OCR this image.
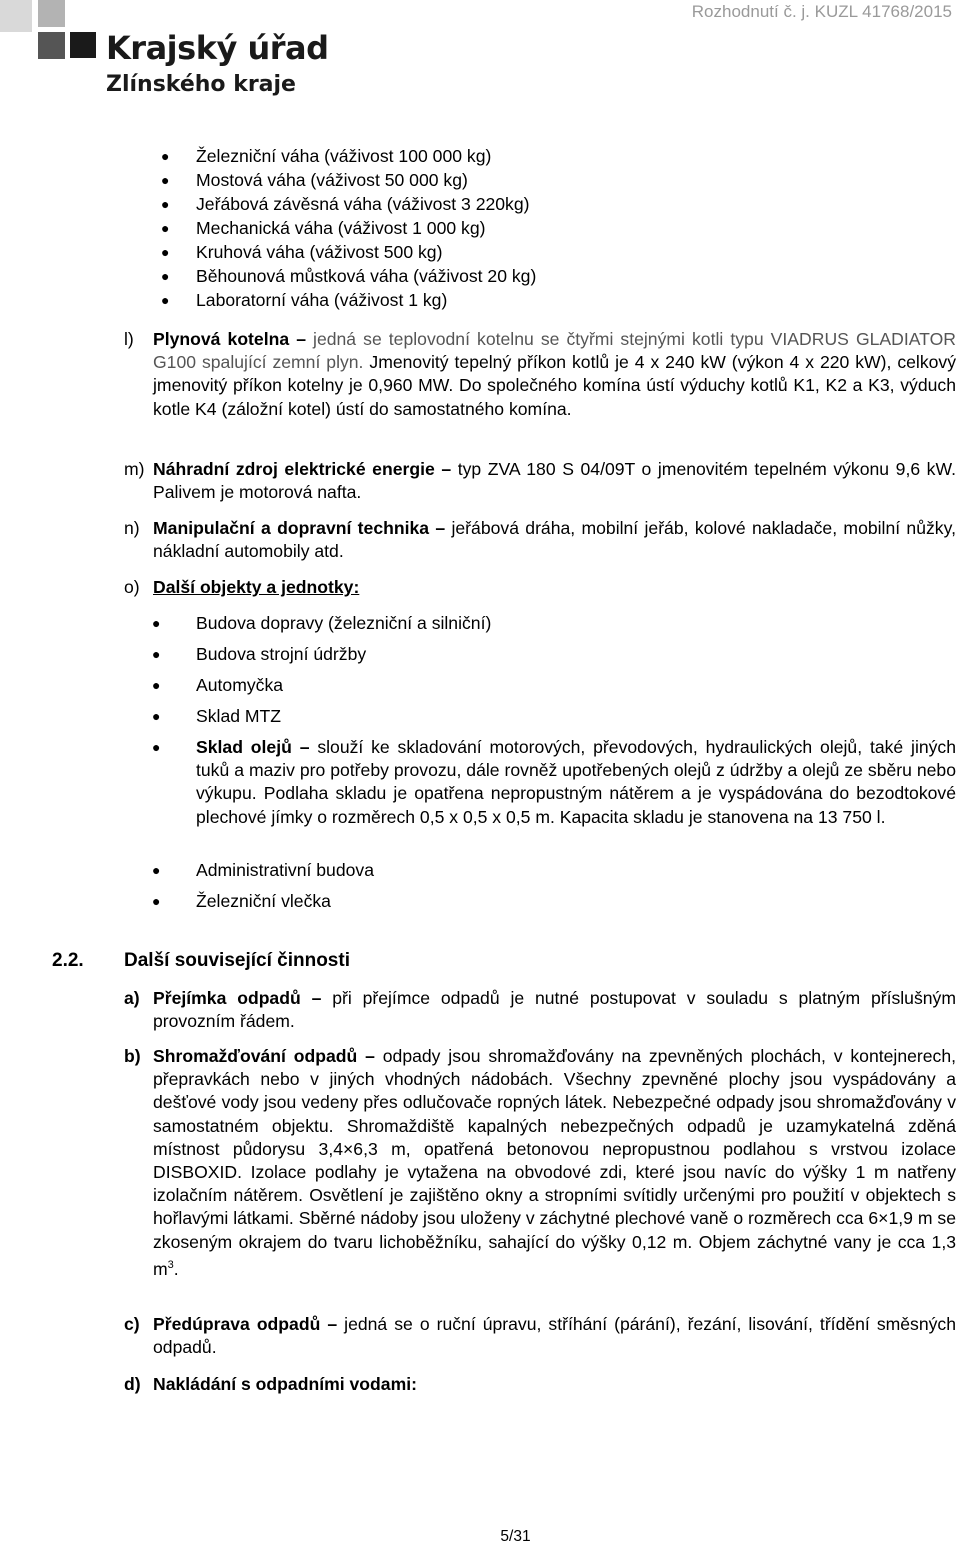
Krajský úřad
Zlínského kraje
Rozhodnutí č. j. KUZL 41768/2015
● Železniční váha (váživost 100 000 kg)
● Mostová váha (váživost 50 000 kg)
● Jeřábová závěsná váha (váživost 3 220kg)
● Mechanická váha (váživost 1 000 kg)
● Kruhová váha (váživost 500 kg)
● Běhounová můstková váha (váživost 20 kg)
● Laboratorní váha (váživost 1 kg)
l) Plynová kotelna – jedná se teplovodní kotelnu se čtyřmi stejnými kotli typu VIADRUS GLADIATOR G100 spalující zemní plyn. Jmenovitý tepelný příkon kotlů je 4 x 240 kW (výkon 4 x 220 kW), celkový jmenovitý příkon kotelny je 0,960 MW. Do společného komína ústí výduchy kotlů K1, K2 a K3, výduch kotle K4 (záložní kotel) ústí do samostatného komína.
m) Náhradní zdroj elektrické energie – typ ZVA 180 S 04/09T o jmenovitém tepelném výkonu 9,6 kW. Palivem je motorová nafta.
n) Manipulační a dopravní technika – jeřábová dráha, mobilní jeřáb, kolové nakladače, mobilní nůžky, nákladní automobily atd.
o) Další objekty a jednotky:
● Budova dopravy (železniční a silniční)
● Budova strojní údržby
● Automyčka
● Sklad MTZ
● Sklad olejů – slouží ke skladování motorových, převodových, hydraulických olejů, také jiných tuků a maziv pro potřeby provozu, dále rovněž upotřebených olejů z údržby a olejů ze sběru nebo výkupu. Podlaha skladu je opatřena nepropustným nátěrem a je vyspádována do bezodtokové plechové jímky o rozměrech 0,5 x 0,5 x 0,5 m. Kapacita skladu je stanovena na 13 750 l.
● Administrativní budova
● Železniční vlečka
2.2. Další související činnosti
a) Přejímka odpadů – při přejímce odpadů je nutné postupovat v souladu s platným příslušným provozním řádem.
b) Shromažďování odpadů – odpady jsou shromažďovány na zpevněných plochách, v kontejnerech, přepravkách nebo v jiných vhodných nádobách. Všechny zpevněné plochy jsou vyspádovány a dešťové vody jsou vedeny přes odlučovače ropných látek. Nebezpečné odpady jsou shromažďovány v samostatném objektu. Shromaždiště kapalných nebezpečných odpadů je uzamykatelná zděná místnost půdorysu 3,4×6,3 m, opatřená betonovou nepropustnou podlahou s vrstvou izolace DISBOXID. Izolace podlahy je vytažena na obvodové zdi, které jsou navíc do výšky 1 m natřeny izolačním nátěrem. Osvětlení je zajištěno okny a stropními svítidly určenými pro použití v objektech s hořlavými látkami. Sběrné nádoby jsou uloženy v záchytné plechové vaně o rozměrech cca 6×1,9 m se zkoseným okrajem do tvaru lichoběžníku, sahající do výšky 0,12 m. Objem záchytné vany je cca 1,3 $m^3$.
c) Předúprava odpadů – jedná se o ruční úpravu, stříhání (párání), řezání, lisování, třídění směsných odpadů.
d) Nakládání s odpadními vodami:
5/31
